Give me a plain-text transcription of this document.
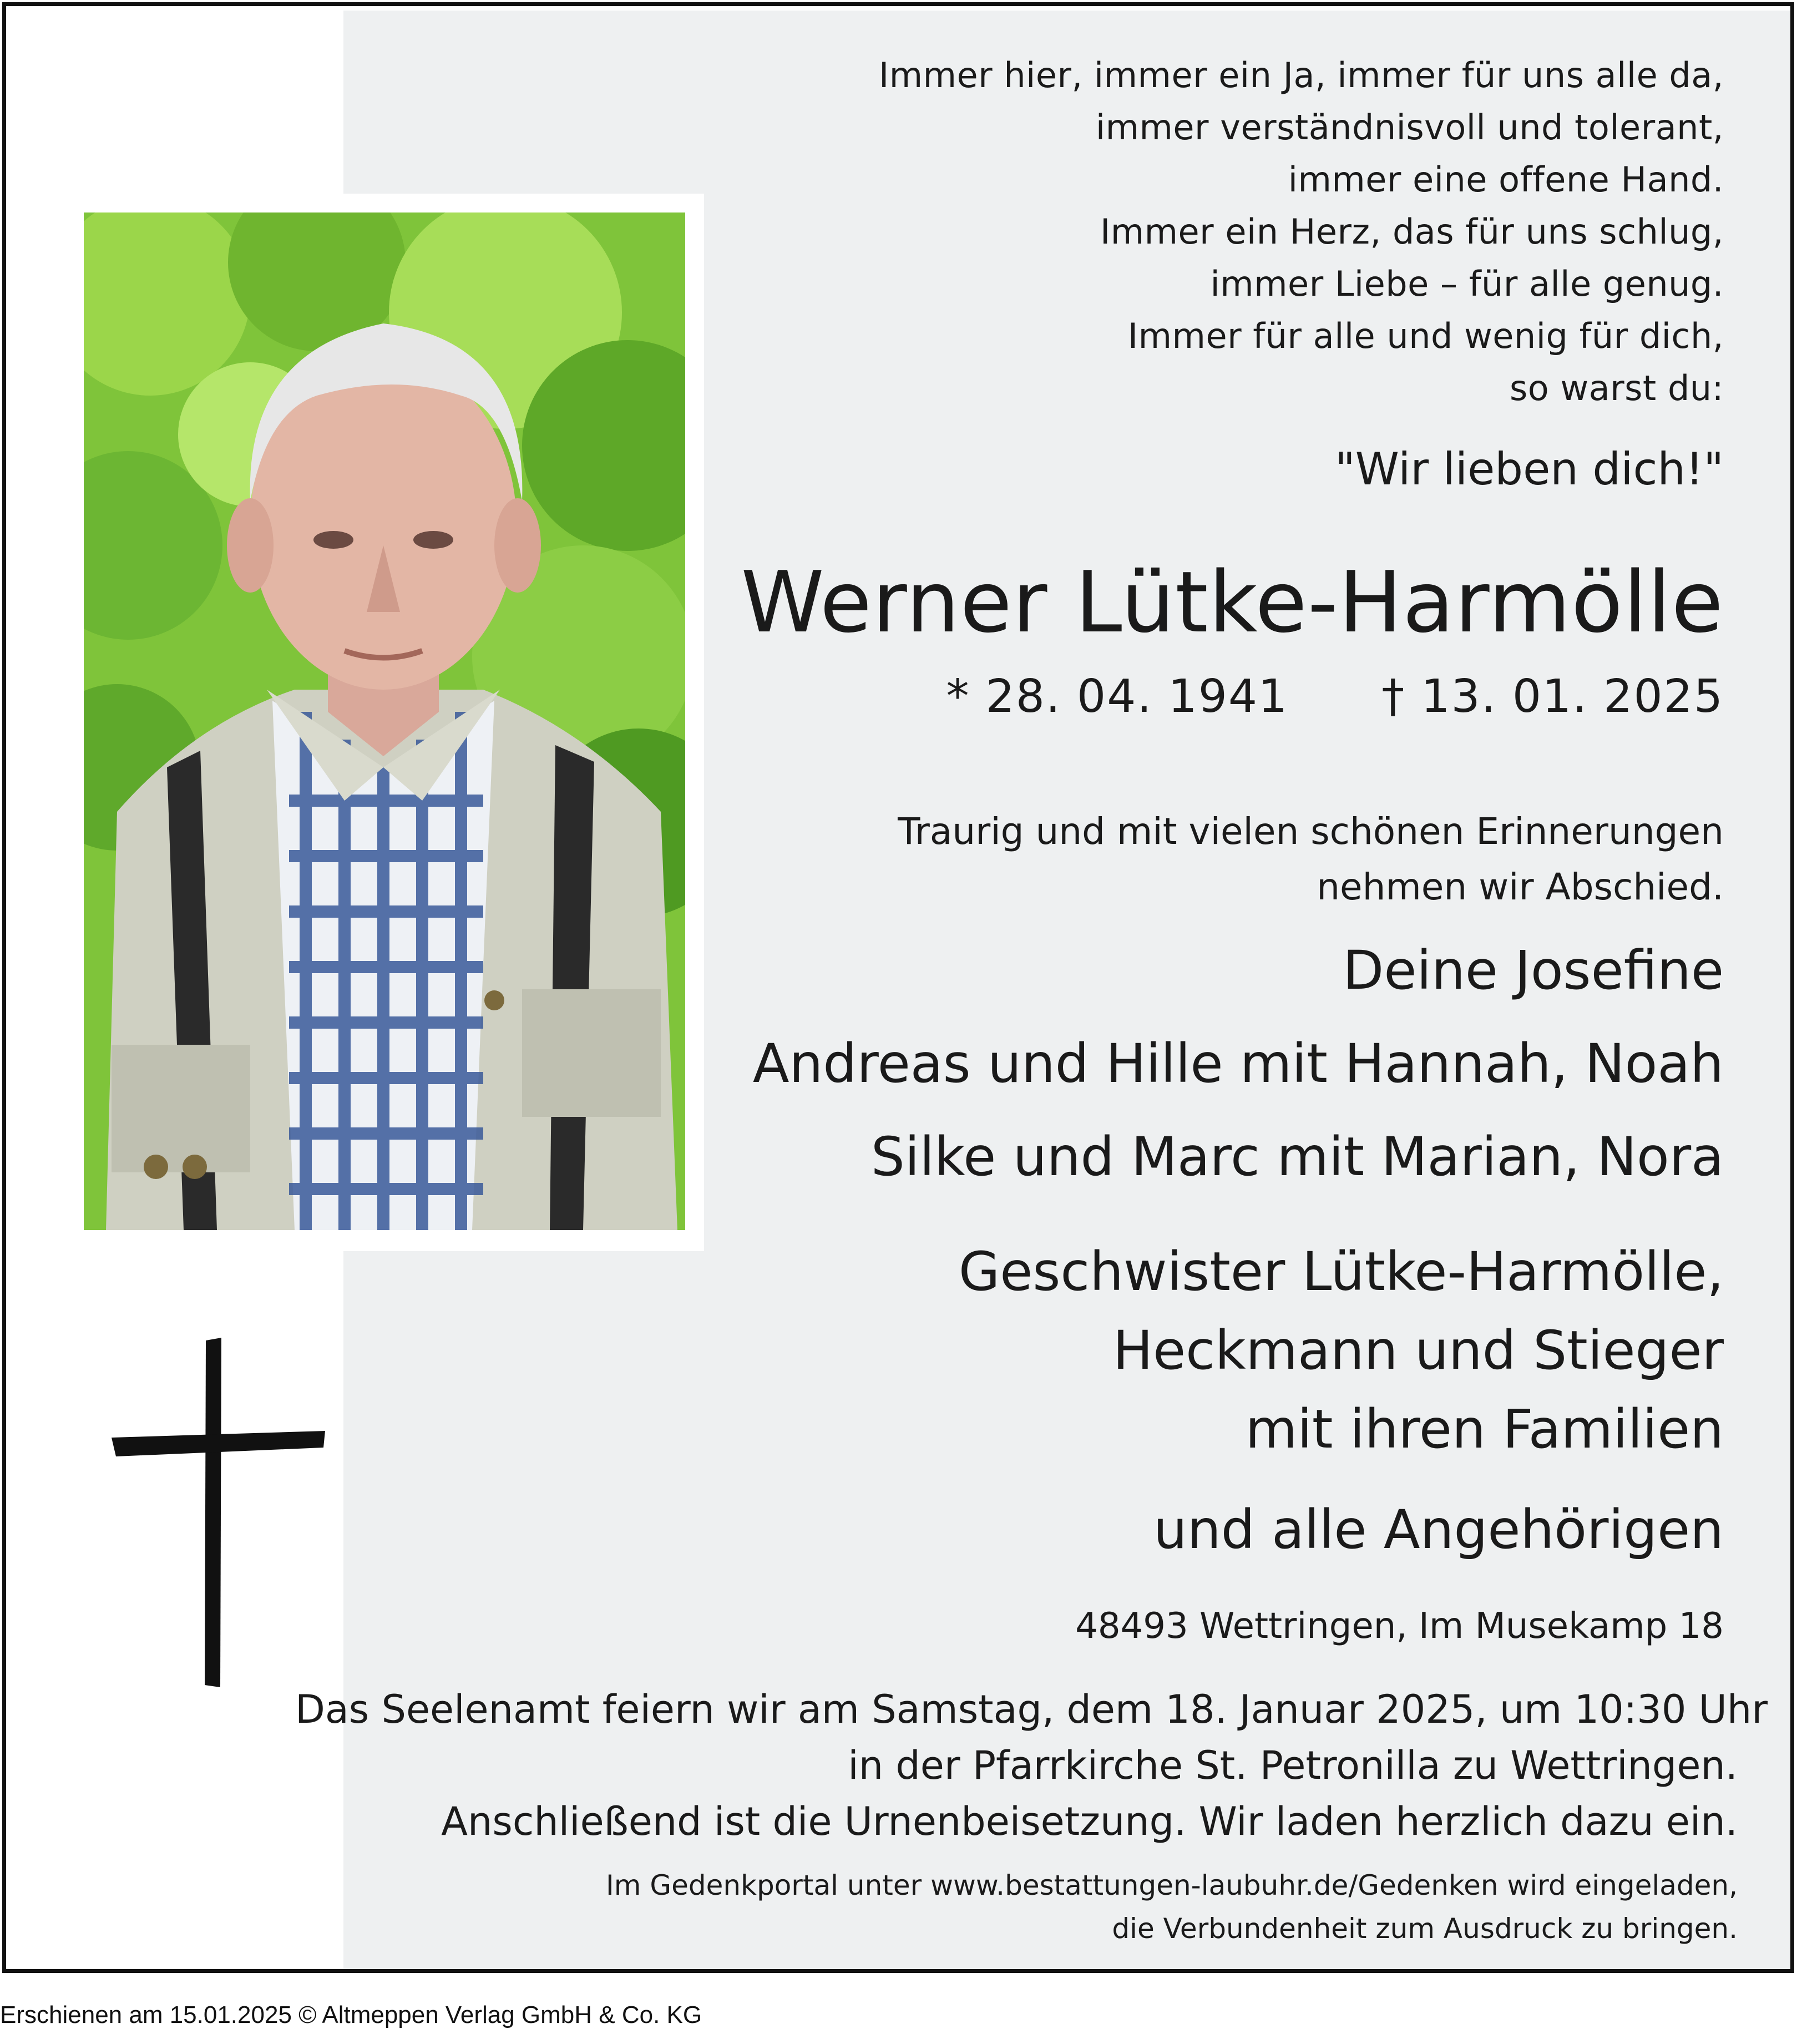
Immer hier, immer ein Ja, immer für uns alle da,
immer verständnisvoll und tolerant,
immer eine offene Hand.
Immer ein Herz, das für uns schlug,
immer Liebe – für alle genug.
Immer für alle und wenig für dich,
so warst du:
"Wir lieben dich!"
Werner Lütke-Harmölle
* 28. 04. 1941 † 13. 01. 2025
Traurig und mit vielen schönen Erinnerungen
nehmen wir Abschied.
Deine Josefine
Andreas und Hille mit Hannah, Noah
Silke und Marc mit Marian, Nora
Geschwister Lütke-Harmölle,
Heckmann und Stieger
mit ihren Familien
und alle Angehörigen
48493 Wettringen, Im Musekamp 18
Das Seelenamt feiern wir am Samstag, dem 18. Januar 2025, um 10:30 Uhr
in der Pfarrkirche St. Petronilla zu Wettringen.
Anschließend ist die Urnenbeisetzung. Wir laden herzlich dazu ein.
Im Gedenkportal unter www.bestattungen-laubuhr.de/Gedenken wird eingeladen,
die Verbundenheit zum Ausdruck zu bringen.
Erschienen am 15.01.2025 © Altmeppen Verlag GmbH & Co. KG
